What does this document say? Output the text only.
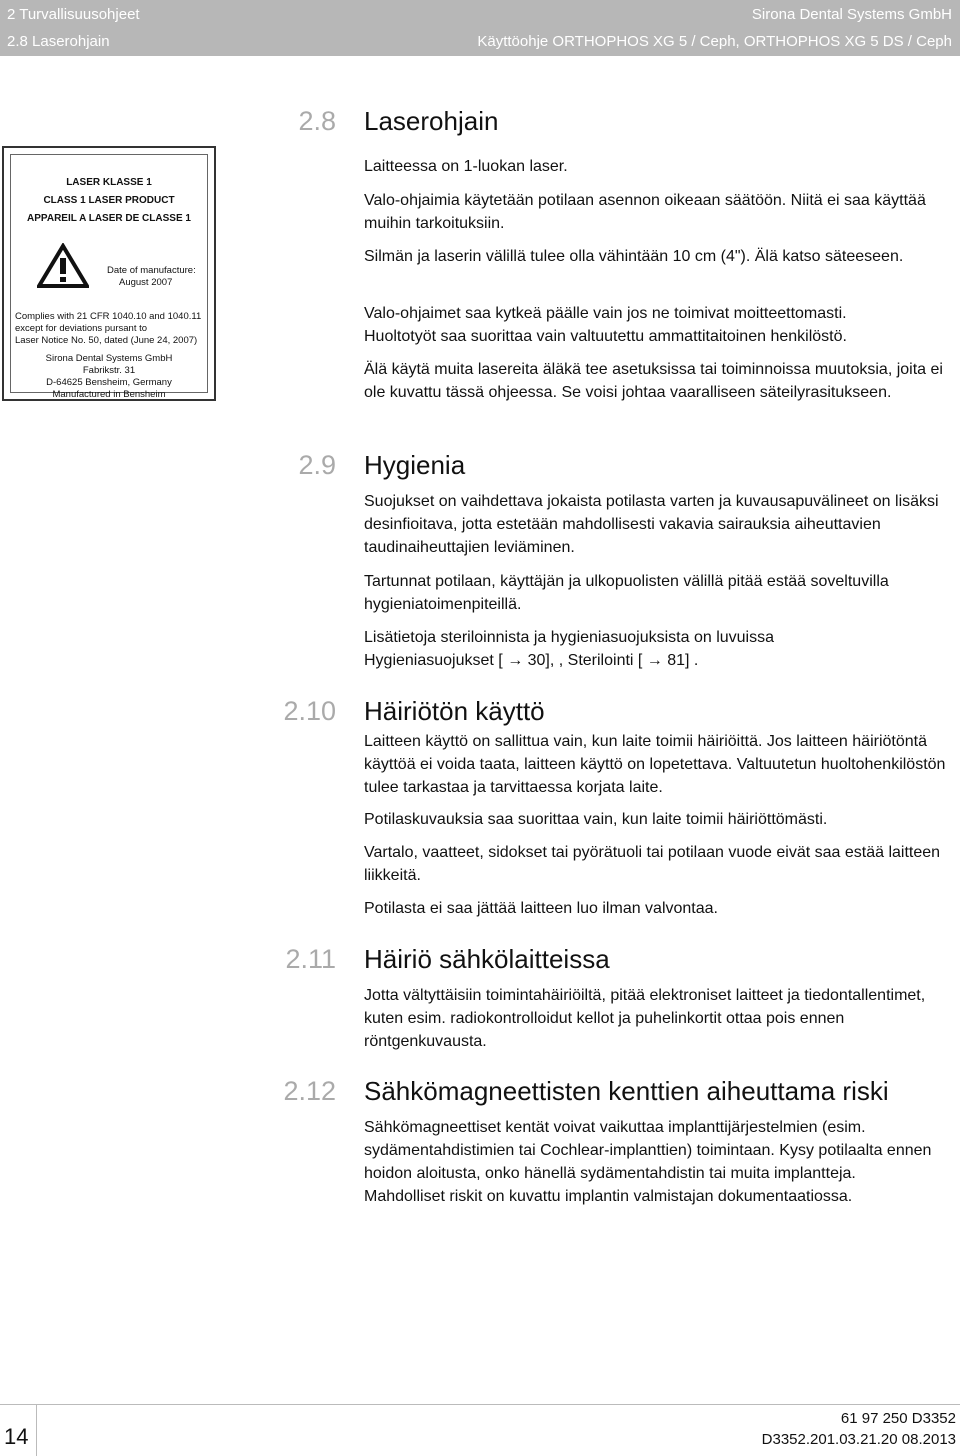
2 Turvallisuusohjeet
2.8 Laserohjain
Sirona Dental Systems GmbH
Käyttöohje ORTHOPHOS XG 5 / Ceph, ORTHOPHOS XG 5 DS / Ceph
LASER KLASSE 1
CLASS 1 LASER PRODUCT
APPAREIL A LASER DE CLASSE 1
Date of manufacture:
August 2007
Complies with 21 CFR 1040.10 and 1040.11
except for deviations pursant to
Laser Notice No. 50, dated (June 24, 2007)
Sirona Dental Systems GmbH
Fabrikstr. 31
D-64625 Bensheim, Germany
Manufactured in Bensheim
2.8 Laserohjain

Laitteessa on 1-luokan laser.

Valo-ohjaimia käytetään potilaan asennon oikeaan säätöön. Niitä ei saa käyttää muihin tarkoituksiin.

Silmän ja laserin välillä tulee olla vähintään 10 cm (4"). Älä katso säteeseen.

Valo-ohjaimet saa kytkeä päälle vain jos ne toimivat moitteettomasti.

Huoltotyöt saa suorittaa vain valtuutettu ammattitaitoinen henkilöstö.

Älä käytä muita lasereita äläkä tee asetuksissa tai toiminnoissa muutoksia, joita ei ole kuvattu tässä ohjeessa. Se voisi johtaa vaaralliseen säteilyrasitukseen.

2.9 Hygienia

Suojukset on vaihdettava jokaista potilasta varten ja kuvausapuvälineet on lisäksi desinfioitava, jotta estetään mahdollisesti vakavia sairauksia aiheuttavien taudinaiheuttajien leviäminen.

Tartunnat potilaan, käyttäjän ja ulkopuolisten välillä pitää estää soveltuvilla hygieniatoimenpiteillä.

Lisätietoja steriloinnista ja hygieniasuojuksista on luvuissa

Hygieniasuojukset [ → 30], , Sterilointi [ → 81] .

2.10 Häiriötön käyttö

Laitteen käyttö on sallittua vain, kun laite toimii häiriöittä. Jos laitteen häiriötöntä käyttöä ei voida taata, laitteen käyttö on lopetettava. Valtuutetun huoltohenkilöstön tulee tarkastaa ja tarvittaessa korjata laite.

Potilaskuvauksia saa suorittaa vain, kun laite toimii häiriöttömästi.

Vartalo, vaatteet, sidokset tai pyörätuoli tai potilaan vuode eivät saa estää laitteen liikkeitä.

Potilasta ei saa jättää laitteen luo ilman valvontaa.

2.11 Häiriö sähkölaitteissa

Jotta vältyttäisiin toimintahäiriöiltä, pitää elektroniset laitteet ja tiedontallentimet, kuten esim. radiokontrolloidut kellot ja puhelinkortit ottaa pois ennen röntgenkuvausta.

2.12 Sähkömagneettisten kenttien aiheuttama riski

Sähkömagneettiset kentät voivat vaikuttaa implanttijärjestelmien (esim. sydämentahdistimien tai Cochlear-implanttien) toimintaan. Kysy potilaalta ennen hoidon aloitusta, onko hänellä sydämentahdistin tai muita implantteja.

Mahdolliset riskit on kuvattu implantin valmistajan dokumentaatiossa.

14
61 97 250 D3352
D3352.201.03.21.20 08.2013
